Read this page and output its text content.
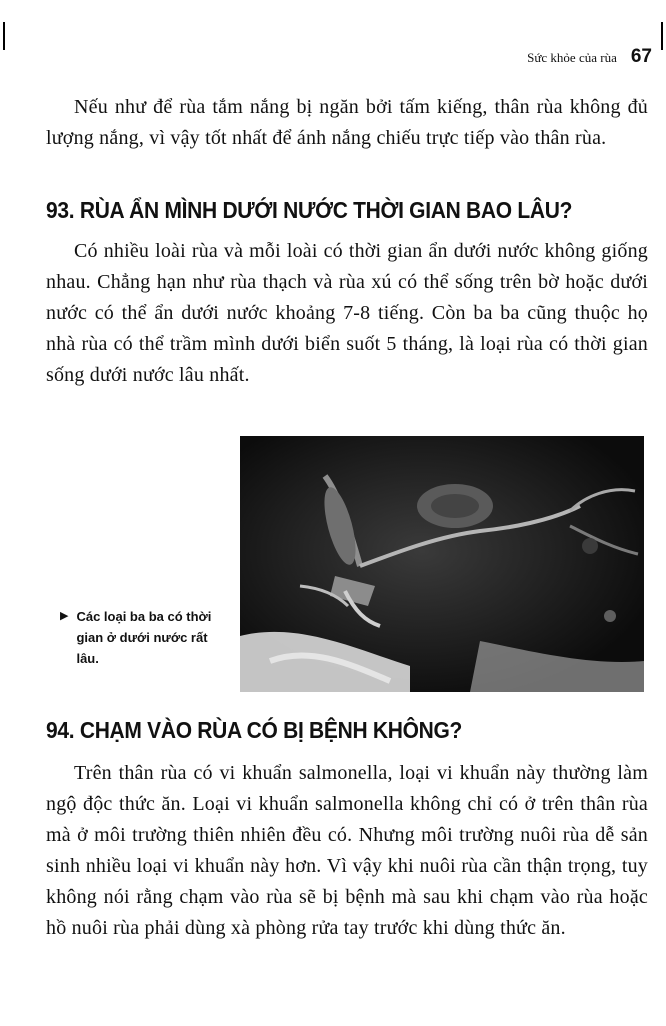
Sức khỏe của rùa 67

Nếu như để rùa tắm nắng bị ngăn bởi tấm kiếng, thân rùa không đủ lượng nắng, vì vậy tốt nhất để ánh nắng chiếu trực tiếp vào thân rùa.

93. RÙA ẨN MÌNH DƯỚI NƯỚC THỜI GIAN BAO LÂU?

Có nhiều loài rùa và mỗi loài có thời gian ẩn dưới nước không giống nhau. Chẳng hạn như rùa thạch và rùa xú có thể sống trên bờ hoặc dưới nước có thể ẩn dưới nước khoảng 7-8 tiếng. Còn ba ba cũng thuộc họ nhà rùa có thể trầm mình dưới biển suốt 5 tháng, là loại rùa có thời gian sống dưới nước lâu nhất.

▶ Các loại ba ba có thời gian ở dưới nước rất lâu.
94. CHẠM VÀO RÙA CÓ BỊ BỆNH KHÔNG?

Trên thân rùa có vi khuẩn salmonella, loại vi khuẩn này thường làm ngộ độc thức ăn. Loại vi khuẩn salmonella không chỉ có ở trên thân rùa mà ở môi trường thiên nhiên đều có. Nhưng môi trường nuôi rùa dễ sản sinh nhiều loại vi khuẩn này hơn. Vì vậy khi nuôi rùa cần thận trọng, tuy không nói rằng chạm vào rùa sẽ bị bệnh mà sau khi chạm vào rùa hoặc hồ nuôi rùa phải dùng xà phòng rửa tay trước khi dùng thức ăn.
